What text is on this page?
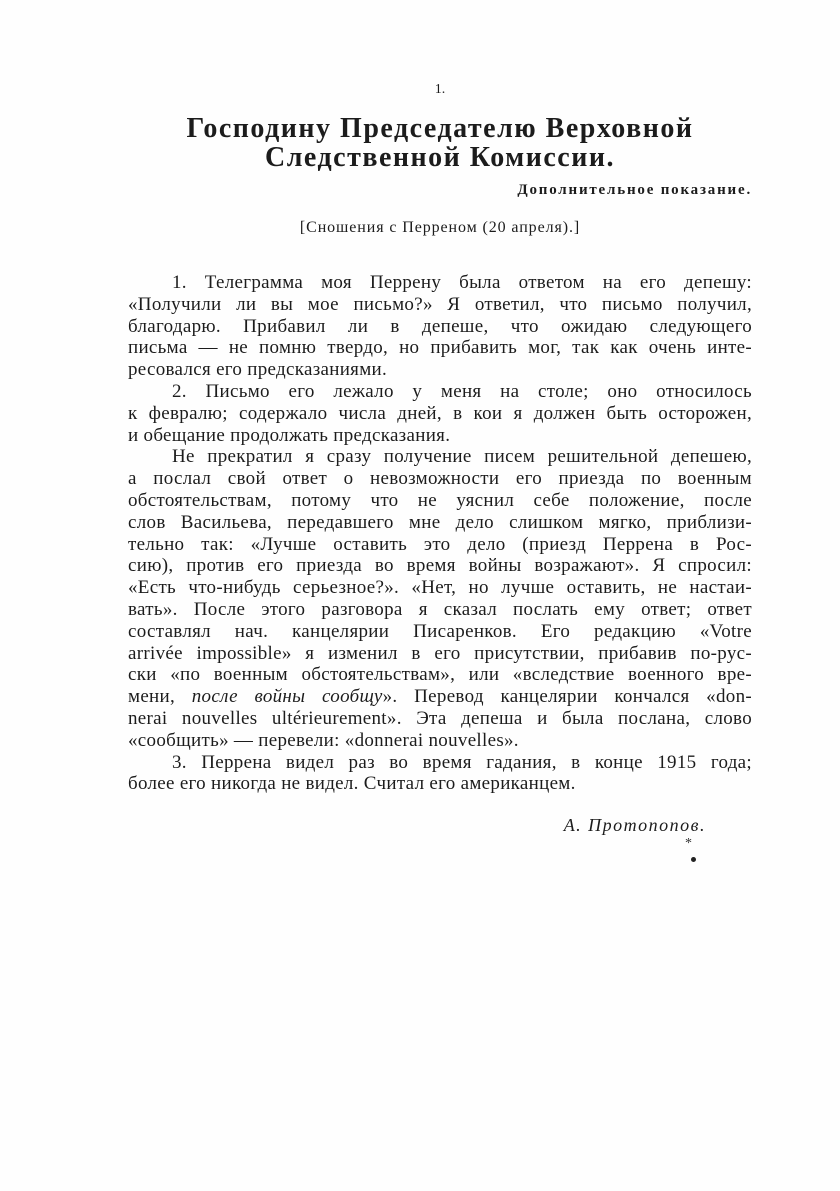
1.
Господину Председателю Верховной
Следственной Комиссии.
Дополнительное показание.
[Сношения с Перреном (20 апреля).]
1. Телеграмма моя Перрену была ответом на его депешу:
«Получили ли вы мое письмо?» Я ответил, что письмо получил,
благодарю. Прибавил ли в депеше, что ожидаю следующего
письма — не помню твердо, но прибавить мог, так как очень инте-
ресовался его предсказаниями.
2. Письмо его лежало у меня на столе; оно относилось
к февралю; содержало числа дней, в кои я должен быть осторожен,
и обещание продолжать предсказания.
Не прекратил я сразу получение писем решительной депешею,
а послал свой ответ о невозможности его приезда по военным
обстоятельствам, потому что не уяснил себе положение, после
слов Васильева, передавшего мне дело слишком мягко, приблизи-
тельно так: «Лучше оставить это дело (приезд Перрена в Рос-
сию), против его приезда во время войны возражают». Я спросил:
«Есть что-нибудь серьезное?». «Нет, но лучше оставить, не настаи-
вать». После этого разговора я сказал послать ему ответ; ответ
составлял нач. канцелярии Писаренков. Его редакцию «Votre
arrivée impossible» я изменил в его присутствии, прибавив по-рус-
ски «по военным обстоятельствам», или «вследствие военного вре-
мени, после войны сообщу». Перевод канцелярии кончался «don-
nerai nouvelles ultérieurement». Эта депеша и была послана, слово
«сообщить» — перевели: «donnerai nouvelles».
3. Перрена видел раз во время гадания, в конце 1915 года;
более его никогда не видел. Считал его американцем.
А. Протопопов.
*
